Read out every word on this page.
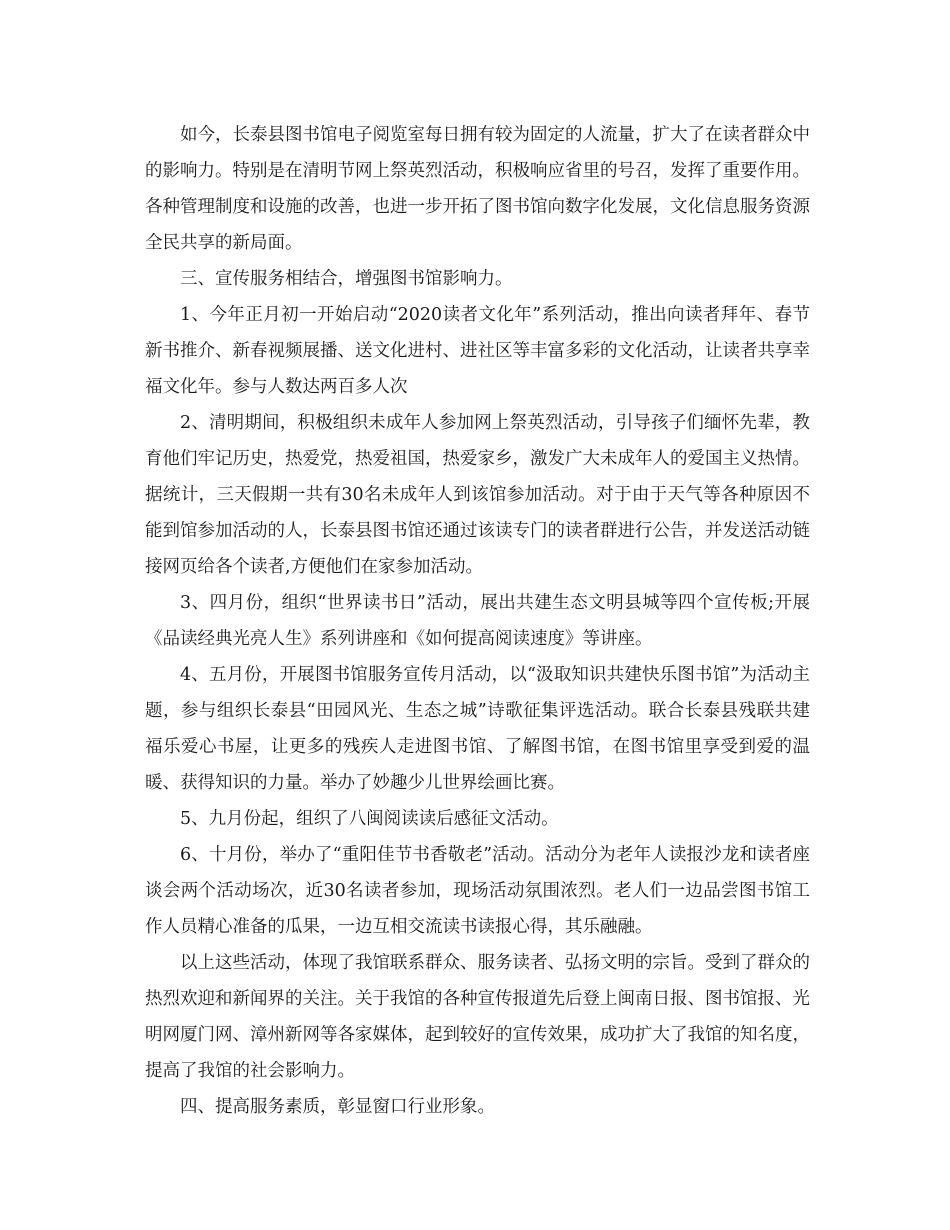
如今，长泰县图书馆电子阅览室每日拥有较为固定的人流量，扩大了在读者群众中的影响力。特别是在清明节网上祭英烈活动，积极响应省里的号召，发挥了重要作用。各种管理制度和设施的改善，也进一步开拓了图书馆向数字化发展，文化信息服务资源全民共享的新局面。

三、宣传服务相结合，增强图书馆影响力。

1、今年正月初一开始启动“2020读者文化年”系列活动，推出向读者拜年、春节新书推介、新春视频展播、送文化进村、进社区等丰富多彩的文化活动，让读者共享幸福文化年。参与人数达两百多人次

2、清明期间，积极组织未成年人参加网上祭英烈活动，引导孩子们缅怀先辈，教育他们牢记历史，热爱党，热爱祖国，热爱家乡，激发广大未成年人的爱国主义热情。据统计，三天假期一共有30名未成年人到该馆参加活动。对于由于天气等各种原因不能到馆参加活动的人，长泰县图书馆还通过该读专门的读者群进行公告，并发送活动链接网页给各个读者,方便他们在家参加活动。

3、四月份，组织“世界读书日”活动，展出共建生态文明县城等四个宣传板;开展《品读经典光亮人生》系列讲座和《如何提高阅读速度》等讲座。

4、五月份，开展图书馆服务宣传月活动，以“汲取知识共建快乐图书馆”为活动主题，参与组织长泰县“田园风光、生态之城”诗歌征集评选活动。联合长泰县残联共建福乐爱心书屋，让更多的残疾人走进图书馆、了解图书馆，在图书馆里享受到爱的温暖、获得知识的力量。举办了妙趣少儿世界绘画比赛。

5、九月份起，组织了八闽阅读读后感征文活动。

6、十月份，举办了“重阳佳节书香敬老”活动。活动分为老年人读报沙龙和读者座谈会两个活动场次，近30名读者参加，现场活动氛围浓烈。老人们一边品尝图书馆工作人员精心准备的瓜果，一边互相交流读书读报心得，其乐融融。

以上这些活动，体现了我馆联系群众、服务读者、弘扬文明的宗旨。受到了群众的热烈欢迎和新闻界的关注。关于我馆的各种宣传报道先后登上闽南日报、图书馆报、光明网厦门网、漳州新网等各家媒体，起到较好的宣传效果，成功扩大了我馆的知名度，提高了我馆的社会影响力。

四、提高服务素质，彰显窗口行业形象。
